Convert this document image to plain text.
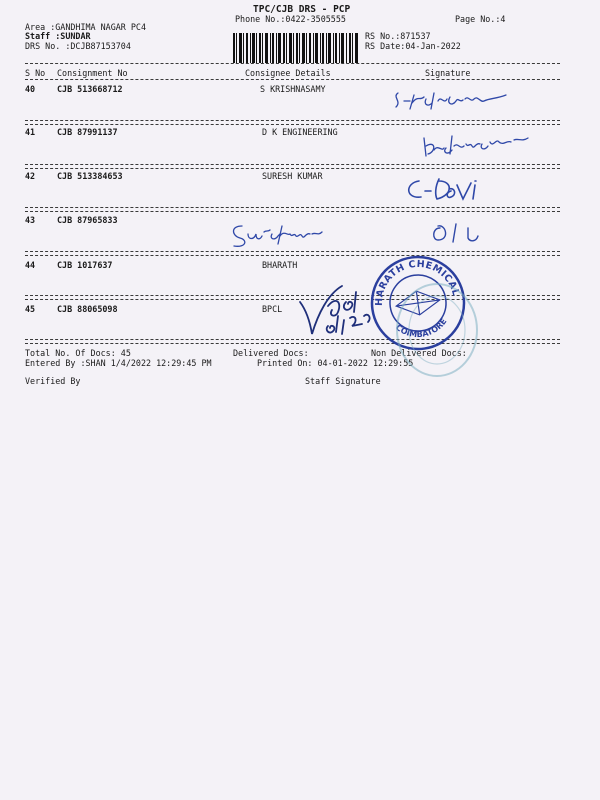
TPC/CJB DRS - PCP
Phone No.:0422-3505555	Page No.:4
Area :GANDHIMA NAGAR PC4
Staff :SUNDAR
DRS No. :DCJB87153704
RS No.:871537
RS Date:04-Jan-2022
S No Consignment No	Consignee Details	Signature
40	CJB 513668712	S KRISHNASAMY
41	CJB 87991137	D K ENGINEERING
42	CJB 513384653	SURESH KUMAR
43	CJB 87965833
44	CJB 1017637	BHARATH
45	CJB 88065098	BPCL
Total No. Of Docs: 45	Delivered Docs:	Non Delivered Docs:
Entered By :SHAN 1/4/2022 12:29:45 PM	Printed On: 04-01-2022 12:29:55
Verified By	Staff Signature
BHARATH CHEMICALS
COIMBATORE
